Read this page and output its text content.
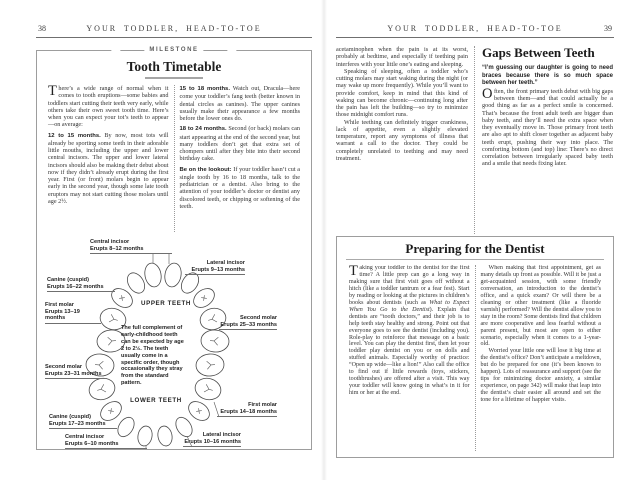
38	YOUR TODDLER, HEAD-TO-TOE
MILESTONE
Tooth Timetable

There’s a wide range of normal when it comes to tooth eruptions—some babies and toddlers start cutting their teeth very early, while others take their own sweet tooth time. Here’s when you can expect your tot’s teeth to appear—on average:

12 to 15 months. By now, most tots will already be sporting some teeth in their adorable little mouths, including the upper and lower central incisors. The upper and lower lateral incisors should also be making their debut about now if they didn’t already erupt during the first year. First (or front) molars begin to appear early in the second year, though some late tooth eruptors may not start cutting those molars until age 2½.

15 to 18 months. Watch out, Dracula—here come your toddler’s fang teeth (better known in dental circles as canines). The upper canines usually make their appearance a few months before the lower ones do.

18 to 24 months. Second (or back) molars can start appearing at the end of the second year, but many toddlers don’t get that extra set of chompers until after they bite into their second birthday cake.

Be on the lookout: If your toddler hasn’t cut a single tooth by 16 to 18 months, talk to the pediatrician or a dentist. Also bring to the attention of your toddler’s doctor or dentist any discolored teeth, or chipping or softening of the teeth.

Central incisor
Erupts 8–12 months
Lateral incisor
Erupts 9–13 months
Canine (cuspid)
Erupts 16–22 months
First molar
Erupts 13–19 months	Second molar
Erupts 25–33 months
Second molar
Erupts 23–31 months
Canine (cuspid)
Erupts 17–23 months
Central incisor
Erupts 6–10 months
First molar
Erupts 14–18 months
Lateral incisor
Erupts 10–16 months
UPPER TEETH
LOWER TEETH
The full complement of early-childhood teeth can be expected by age 2 to 2½. The teeth usually come in a specific order, though occasionally they stray from the standard pattern.
YOUR TODDLER, HEAD-TO-TOE	39

acetaminophen when the pain is at its worst, probably at bedtime, and especially if teething pain interferes with your little one’s eating and sleeping.

Speaking of sleeping, often a toddler who’s cutting molars may start waking during the night (or may wake up more frequently). While you’ll want to provide comfort, keep in mind that this kind of waking can become chronic—continuing long after the pain has left the building—so try to minimize those midnight comfort runs.

While teething can definitely trigger crankiness, lack of appetite, even a slightly elevated temperature, report any symptoms of illness that warrant a call to the doctor. They could be completely unrelated to teething and may need treatment.

Gaps Between Teeth

“I’m guessing our daughter is going to need braces because there is so much space between her teeth.”

Often, the front primary teeth debut with big gaps between them—and that could actually be a good thing as far as a perfect smile is concerned. That’s because the front adult teeth are bigger than baby teeth, and they’ll need the extra space when they eventually move in. Those primary front teeth are also apt to shift closer together as adjacent baby teeth erupt, pushing their way into place. The comforting bottom (and top) line: There’s no direct correlation between irregularly spaced baby teeth and a smile that needs fixing later.

Preparing for the Dentist

Taking your toddler to the dentist for the first time? A little prep can go a long way in making sure that first visit goes off without a hitch (like a toddler tantrum or a fear fest). Start by reading or looking at the pictures in children’s books about dentists (such as What to Expect When You Go to the Dentist). Explain that dentists are “tooth doctors,” and their job is to help teeth stay healthy and strong. Point out that everyone goes to see the dentist (including you). Role-play to reinforce that message on a basic level. You can play the dentist first, then let your toddler play dentist on you or on dolls and stuffed animals. Especially worthy of practice: “Open up wide—like a lion!” Also call the office to find out if little rewards (toys, stickers, toothbrushes) are offered after a visit. This way your toddler will know going in what’s in it for him or her at the end.

When making that first appointment, get as many details up front as possible. Will it be just a get-acquainted session, with some friendly conversation, an introduction to the dentist’s office, and a quick exam? Or will there be a cleaning or other treatment (like a fluoride varnish) performed? Will the dentist allow you to stay in the room? Some dentists find that children are more cooperative and less fearful without a parent present, but most are open to either scenario, especially when it comes to a 1-year-old.

Worried your little one will lose it big time at the dentist’s office? Don’t anticipate a meltdown, but do be prepared for one (it’s been known to happen). Lots of reassurance and support (see the tips for minimizing doctor anxiety, a similar experience, on page 342) will make that leap into the dentist’s chair easier all around and set the tone for a lifetime of happier visits.
